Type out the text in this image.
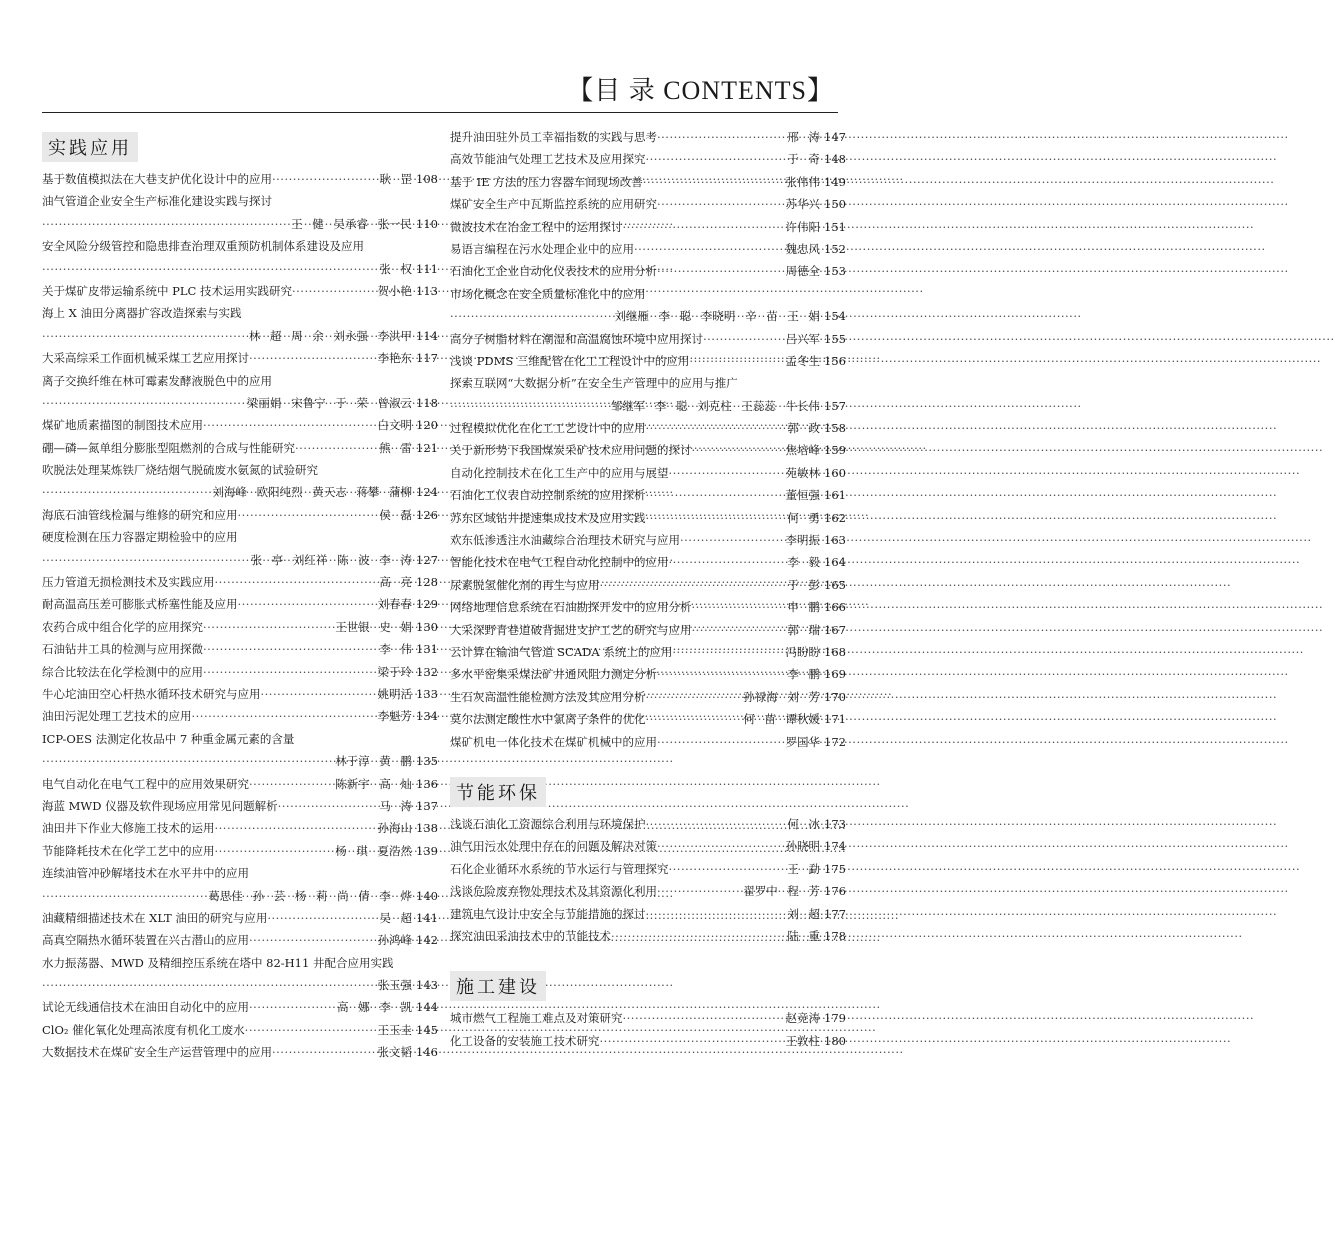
【目 录 CONTENTS】
实践应用
基于数值模拟法在大巷支护优化设计中的应用 ·····	耿 罡 108
油气管道企业安全生产标准化建设实践与探讨
·····
王 健 吴承睿 张一民 110
安全风险分级管控和隐患排查治理双重预防机制体系建设及应用
·····
张 权 111
关于煤矿皮带运输系统中 PLC 技术运用实践研究 ·····	贺小艳 113
海上 X 油田分离器扩容改造探索与实践
·····
林 超 周 余 刘永强 李洪甲 114
大采高综采工作面机械采煤工艺应用探讨 ·····	李艳东 117
离子交换纤维在林可霉素发酵液脱色中的应用
·····
梁丽娟 宋鲁宁 于 荣 曾淑云 118
煤矿地质素描图的制图技术应用 ·····	白文明 120
硼—磷—氮单组分膨胀型阻燃剂的合成与性能研究 ·····	熊 雷 121
吹脱法处理某炼铁厂烧结烟气脱硫废水氨氮的试验研究
·····
刘海峰 欧阳纯烈 黄天志 蒋攀 蒲柳 124
海底石油管线检漏与维修的研究和应用 ·····	侯 磊 126
硬度检测在压力容器定期检验中的应用
·····
张 亭 刘红祥 陈 波 李 涛 127
压力管道无损检测技术及实践应用 ·····	高 亮 128
耐高温高压差可膨胀式桥塞性能及应用 ·····	刘春春 129
农药合成中组合化学的应用探究 ·····	王世银 史 娟 130
石油钻井工具的检测与应用探微 ·····	李 伟 131
综合比较法在化学检测中的应用 ·····	梁于玲 132
牛心坨油田空心杆热水循环技术研究与应用 ·····	姚明活 133
油田污泥处理工艺技术的应用 ·····	李魁芳 134
ICP-OES 法测定化妆品中 7 种重金属元素的含量
·····
林于淳 黄 鹏 135
电气自动化在电气工程中的应用效果研究 ·····	陈新宇 高 灿 136
海蓝 MWD 仪器及软件现场应用常见问题解析 ·····	马 涛 137
油田井下作业大修施工技术的运用 ·····	孙海山 138
节能降耗技术在化学工艺中的应用 ·····	杨 琪 夏浩然 139
连续油管冲砂解堵技术在水平井中的应用
·····
葛思佳 孙 芸 杨 莉 尚 倩 李 烨 140
油藏精细描述技术在 XLT 油田的研究与应用 ·····	吴 超 141
高真空隔热水循环装置在兴古潜山的应用 ·····	孙鸿峰 142
水力振荡器、MWD 及精细控压系统在塔中 82-H11 井配合应用实践
·····
张玉强 143
试论无线通信技术在油田自动化中的应用 ·····	高 娜 李 凯 144
ClO₂ 催化氧化处理高浓度有机化工废水 ·····	王玉圭 145
大数据技术在煤矿安全生产运营管理中的应用 ·····	张文韬 146
提升油田驻外员工幸福指数的实践与思考 ·····	邢 涛 147
高效节能油气处理工艺技术及应用探究 ·····	于 奇 148
基于 IE 方法的压力容器车间现场改善 ·····	张伟伟 149
煤矿安全生产中瓦斯监控系统的应用研究 ·····	苏华兴 150
微波技术在冶金工程中的运用探讨 ·····	许伟阳 151
易语言编程在污水处理企业中的应用 ·····	魏忠风 152
石油化工企业自动化仪表技术的应用分析 ·····	周德全 153
市场化概念在安全质量标准化中的应用
·····
刘继雁 李 聪 李晓明 辛 苗 王 娟 154
高分子树脂材料在潮湿和高温腐蚀环境中应用探讨 ·····	吕兴军 155
浅谈 PDMS 三维配管在化工工程设计中的应用 ·····	孟冬生 156
探索互联网“大数据分析”在安全生产管理中的应用与推广
·····
邹继军 李 聪 刘克柱 王蕊蕊 牛长伟 157
过程模拟优化在化工工艺设计中的应用 ·····	郭 政 158
关于新形势下我国煤炭采矿技术应用问题的探讨 ·····	焦培峰 159
自动化控制技术在化工生产中的应用与展望 ·····	苑敏林 160
石油化工仪表自动控制系统的应用探析 ·····	董恒强 161
苏东区域钻井提速集成技术及应用实践 ·····	何 勇 162
欢东低渗透注水油藏综合治理技术研究与应用 ·····	李明振 163
智能化技术在电气工程自动化控制中的应用 ·····	李 毅 164
尿素脱氢催化剂的再生与应用 ·····	于 彭 165
网络地理信息系统在石油勘探开发中的应用分析 ·····	申 鹏 166
大采深野青巷道破背掘进支护工艺的研究与应用 ·····	郭 瑞 167
云计算在输油气管道 SCADA 系统上的应用 ·····	冯盼盼 168
多水平密集采煤法矿井通风阻力测定分析 ·····	李 鹏 169
生石灰高温性能检测方法及其应用分析 ·····	孙禄海 刘 芳 170
莫尔法测定酸性水中氯离子条件的优化 ·····	何 苗 谭秋媛 171
煤矿机电一体化技术在煤矿机械中的应用 ·····	罗国华 172
节能环保
浅谈石油化工资源综合利用与环境保护 ·····	何 冰 173
油气田污水处理中存在的问题及解决对策 ·····	孙晓明 174
石化企业循环水系统的节水运行与管理探究 ·····	王 勐 175
浅谈危险废弃物处理技术及其资源化利用 ·····	翟罗中 程 芳 176
建筑电气设计中安全与节能措施的探讨 ·····	刘 超 177
探究油田采油技术中的节能技术 ·····	陆 重 178
施工建设
城市燃气工程施工难点及对策研究 ·····	赵竞涛 179
化工设备的安装施工技术研究 ·····	王敦柱 180
